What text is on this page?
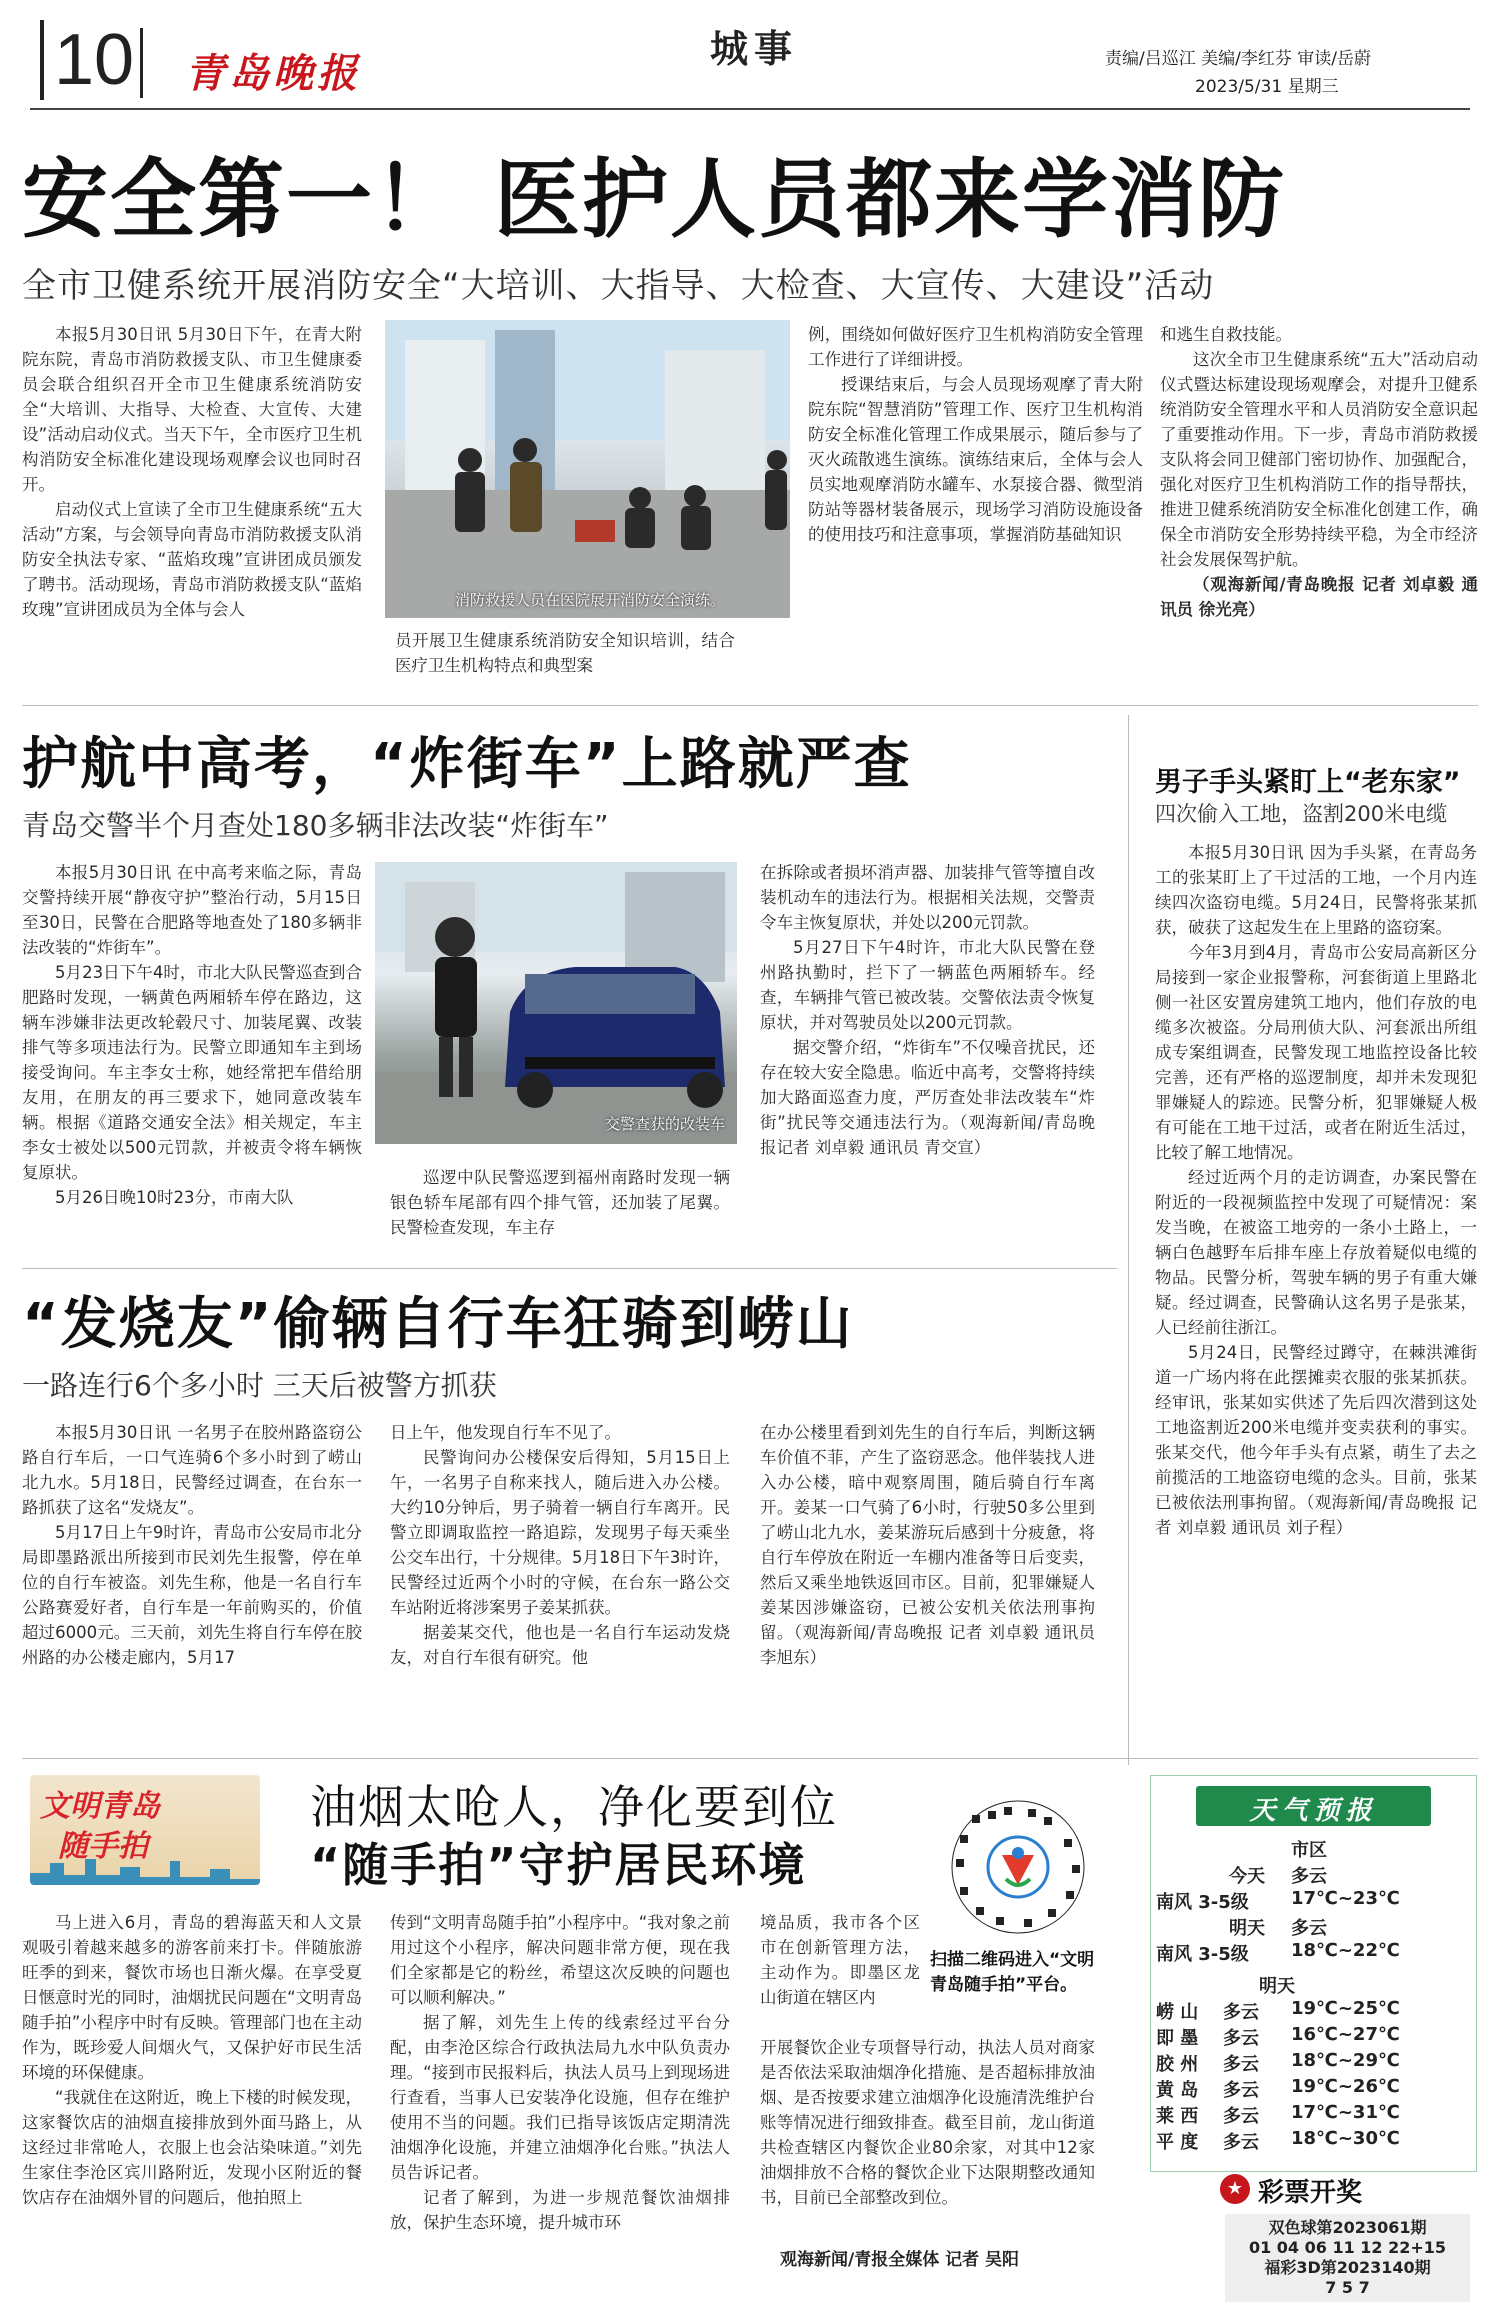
10 青岛晚报
城事	责编/吕巡江 美编/李红芬 审读/岳蔚
2023/5/31 星期三
安全第一！ 医护人员都来学消防
全市卫健系统开展消防安全“大培训、大指导、大检查、大宣传、大建设”活动

本报5月30日讯 5月30日下午，在青大附院东院，青岛市消防救援支队、市卫生健康委员会联合组织召开全市卫生健康系统消防安全“大培训、大指导、大检查、大宣传、大建设”活动启动仪式。当天下午，全市医疗卫生机构消防安全标准化建设现场观摩会议也同时召开。

启动仪式上宣读了全市卫生健康系统“五大活动”方案，与会领导向青岛市消防救援支队消防安全执法专家、“蓝焰玫瑰”宣讲团成员颁发了聘书。活动现场，青岛市消防救援支队“蓝焰玫瑰”宣讲团成员为全体与会人	消防救援人员在医院展开消防安全演练。

员开展卫生健康系统消防安全知识培训，结合医疗卫生机构特点和典型案

例，围绕如何做好医疗卫生机构消防安全管理工作进行了详细讲授。

授课结束后，与会人员现场观摩了青大附院东院“智慧消防”管理工作、医疗卫生机构消防安全标准化管理工作成果展示，随后参与了灭火疏散逃生演练。演练结束后，全体与会人员实地观摩消防水罐车、水泵接合器、微型消防站等器材装备展示，现场学习消防设施设备的使用技巧和注意事项，掌握消防基础知识

和逃生自救技能。

这次全市卫生健康系统“五大”活动启动仪式暨达标建设现场观摩会，对提升卫健系统消防安全管理水平和人员消防安全意识起了重要推动作用。下一步，青岛市消防救援支队将会同卫健部门密切协作、加强配合，强化对医疗卫生机构消防工作的指导帮扶，推进卫健系统消防安全标准化创建工作，确保全市消防安全形势持续平稳，为全市经济社会发展保驾护航。

（观海新闻/青岛晚报 记者 刘卓毅 通讯员 徐光亮）

护航中高考，“炸街车”上路就严查
青岛交警半个月查处180多辆非法改装“炸街车”

本报5月30日讯 在中高考来临之际，青岛交警持续开展“静夜守护”整治行动，5月15日至30日，民警在合肥路等地查处了180多辆非法改装的“炸街车”。

5月23日下午4时，市北大队民警巡查到合肥路时发现，一辆黄色两厢轿车停在路边，这辆车涉嫌非法更改轮毂尺寸、加装尾翼、改装排气等多项违法行为。民警立即通知车主到场接受询问。车主李女士称，她经常把车借给朋友用，在朋友的再三要求下，她同意改装车辆。根据《道路交通安全法》相关规定，车主李女士被处以500元罚款，并被责令将车辆恢复原状。

5月26日晚10时23分，市南大队

交警查获的改装车

巡逻中队民警巡逻到福州南路时发现一辆银色轿车尾部有四个排气管，还加装了尾翼。民警检查发现，车主存

在拆除或者损坏消声器、加装排气管等擅自改装机动车的违法行为。根据相关法规，交警责令车主恢复原状，并处以200元罚款。

5月27日下午4时许，市北大队民警在登州路执勤时，拦下了一辆蓝色两厢轿车。经查，车辆排气管已被改装。交警依法责令恢复原状，并对驾驶员处以200元罚款。

据交警介绍，“炸街车”不仅噪音扰民，还存在较大安全隐患。临近中高考，交警将持续加大路面巡查力度，严厉查处非法改装车“炸街”扰民等交通违法行为。（观海新闻/青岛晚报记者 刘卓毅 通讯员 青交宣）

男子手头紧盯上“老东家”
四次偷入工地，盗割200米电缆

本报5月30日讯 因为手头紧，在青岛务工的张某盯上了干过活的工地，一个月内连续四次盗窃电缆。5月24日，民警将张某抓获，破获了这起发生在上里路的盗窃案。

今年3月到4月，青岛市公安局高新区分局接到一家企业报警称，河套街道上里路北侧一社区安置房建筑工地内，他们存放的电缆多次被盗。分局刑侦大队、河套派出所组成专案组调查，民警发现工地监控设备比较完善，还有严格的巡逻制度，却并未发现犯罪嫌疑人的踪迹。民警分析，犯罪嫌疑人极有可能在工地干过活，或者在附近生活过，比较了解工地情况。

经过近两个月的走访调查，办案民警在附近的一段视频监控中发现了可疑情况：案发当晚，在被盗工地旁的一条小土路上，一辆白色越野车后排车座上存放着疑似电缆的物品。民警分析，驾驶车辆的男子有重大嫌疑。经过调查，民警确认这名男子是张某，人已经前往浙江。

5月24日，民警经过蹲守，在棘洪滩街道一广场内将在此摆摊卖衣服的张某抓获。经审讯，张某如实供述了先后四次潜到这处工地盗割近200米电缆并变卖获利的事实。张某交代，他今年手头有点紧，萌生了去之前揽活的工地盗窃电缆的念头。目前，张某已被依法刑事拘留。（观海新闻/青岛晚报 记者 刘卓毅 通讯员 刘子程）

“发烧友”偷辆自行车狂骑到崂山
一路连行6个多小时 三天后被警方抓获

本报5月30日讯 一名男子在胶州路盗窃公路自行车后，一口气连骑6个多小时到了崂山北九水。5月18日，民警经过调查，在台东一路抓获了这名“发烧友”。

5月17日上午9时许，青岛市公安局市北分局即墨路派出所接到市民刘先生报警，停在单位的自行车被盗。刘先生称，他是一名自行车公路赛爱好者，自行车是一年前购买的，价值超过6000元。三天前，刘先生将自行车停在胶州路的办公楼走廊内，5月17

日上午，他发现自行车不见了。

民警询问办公楼保安后得知，5月15日上午，一名男子自称来找人，随后进入办公楼。大约10分钟后，男子骑着一辆自行车离开。民警立即调取监控一路追踪，发现男子每天乘坐公交车出行，十分规律。5月18日下午3时许，民警经过近两个小时的守候，在台东一路公交车站附近将涉案男子姜某抓获。

据姜某交代，他也是一名自行车运动发烧友，对自行车很有研究。他

在办公楼里看到刘先生的自行车后，判断这辆车价值不菲，产生了盗窃恶念。他伴装找人进入办公楼，暗中观察周围，随后骑自行车离开。姜某一口气骑了6小时，行驶50多公里到了崂山北九水，姜某游玩后感到十分疲惫，将自行车停放在附近一车棚内准备等日后变卖，然后又乘坐地铁返回市区。目前，犯罪嫌疑人姜某因涉嫌盗窃，已被公安机关依法刑事拘留。（观海新闻/青岛晚报 记者 刘卓毅 通讯员 李旭东）

文明青岛
随手拍
油烟太呛人，净化要到位
“随手拍”守护居民环境
扫描二维码进入“文明青岛随手拍”平台。

马上进入6月，青岛的碧海蓝天和人文景观吸引着越来越多的游客前来打卡。伴随旅游旺季的到来，餐饮市场也日渐火爆。在享受夏日惬意时光的同时，油烟扰民问题在“文明青岛随手拍”小程序中时有反映。管理部门也在主动作为，既珍爱人间烟火气，又保护好市民生活环境的环保健康。

“我就住在这附近，晚上下楼的时候发现，这家餐饮店的油烟直接排放到外面马路上，从这经过非常呛人，衣服上也会沾染味道。”刘先生家住李沧区宾川路附近，发现小区附近的餐饮店存在油烟外冒的问题后，他拍照上

传到“文明青岛随手拍”小程序中。“我对象之前用过这个小程序，解决问题非常方便，现在我们全家都是它的粉丝，希望这次反映的问题也可以顺利解决。”

据了解，刘先生上传的线索经过平台分配，由李沧区综合行政执法局九水中队负责办理。“接到市民报料后，执法人员马上到现场进行查看，当事人已安装净化设施，但存在维护使用不当的问题。我们已指导该饭店定期清洗油烟净化设施，并建立油烟净化台账。”执法人员告诉记者。

记者了解到，为进一步规范餐饮油烟排放，保护生态环境，提升城市环

境品质，我市各个区市在创新管理方法，主动作为。即墨区龙山街道在辖区内

开展餐饮企业专项督导行动，执法人员对商家是否依法采取油烟净化措施、是否超标排放油烟、是否按要求建立油烟净化设施清洗维护台账等情况进行细致排查。截至目前，龙山街道共检查辖区内餐饮企业80余家，对其中12家油烟排放不合格的餐饮企业下达限期整改通知书，目前已全部整改到位。

观海新闻/青报全媒体 记者 吴阳
天气预报
市区
今天 多云
南风 3-5级 17℃~23℃
明天 多云
南风 3-5级 18℃~22℃
明天
崂 山 多云 19℃~25℃
即 墨 多云 16℃~27℃
胶 州 多云 18℃~29℃
黄 岛 多云 19℃~26℃
莱 西 多云 17℃~31℃
平 度 多云 18℃~30℃
★ 彩票开奖
双色球第2023061期
01 04 06 11 12 22+15
福彩3D第2023140期
7 5 7
